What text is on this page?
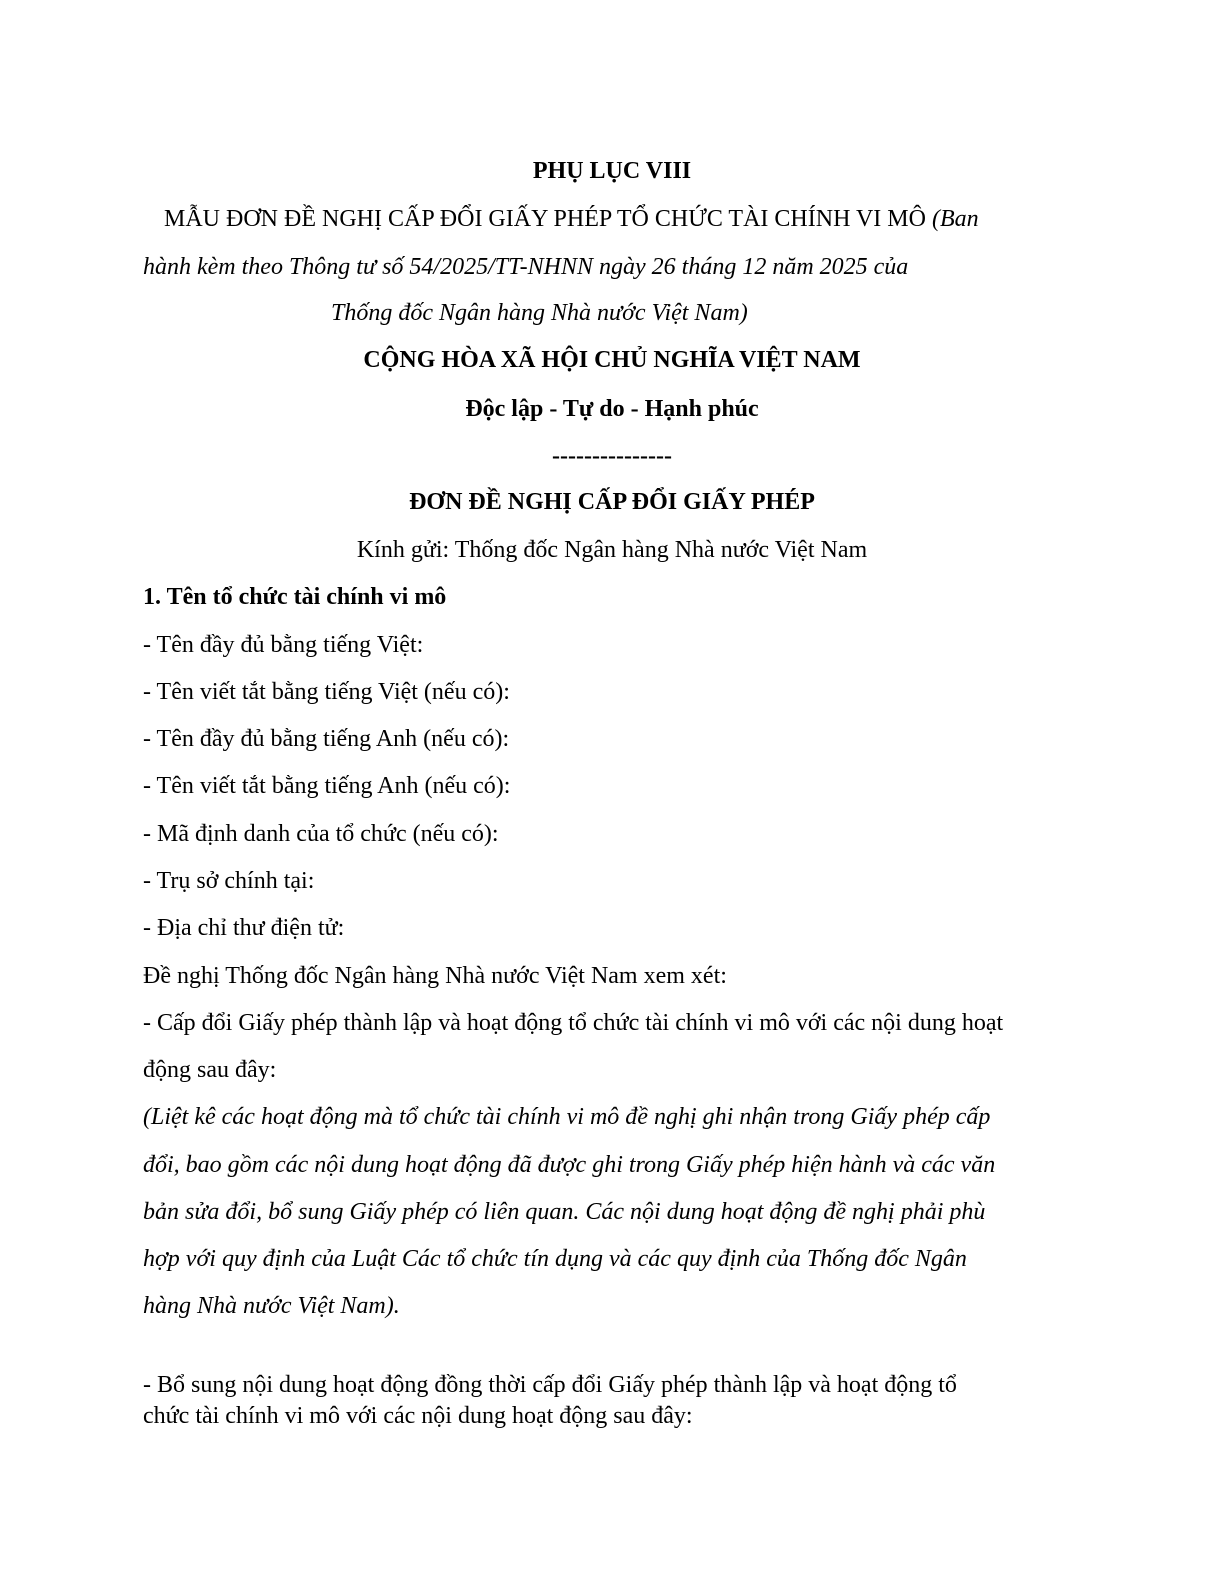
PHỤ LỤC VIII
MẪU ĐƠN ĐỀ NGHỊ CẤP ĐỔI GIẤY PHÉP TỔ CHỨC TÀI CHÍNH VI MÔ (Ban
hành kèm theo Thông tư số 54/2025/TT-NHNN ngày 26 tháng 12 năm 2025 của
Thống đốc Ngân hàng Nhà nước Việt Nam)
CỘNG HÒA XÃ HỘI CHỦ NGHĨA VIỆT NAM
Độc lập - Tự do - Hạnh phúc
---------------
ĐƠN ĐỀ NGHỊ CẤP ĐỔI GIẤY PHÉP
Kính gửi: Thống đốc Ngân hàng Nhà nước Việt Nam
1. Tên tổ chức tài chính vi mô
- Tên đầy đủ bằng tiếng Việt:
- Tên viết tắt bằng tiếng Việt (nếu có):
- Tên đầy đủ bằng tiếng Anh (nếu có):
- Tên viết tắt bằng tiếng Anh (nếu có):
- Mã định danh của tổ chức (nếu có):
- Trụ sở chính tại:
- Địa chỉ thư điện tử:
Đề nghị Thống đốc Ngân hàng Nhà nước Việt Nam xem xét:
- Cấp đổi Giấy phép thành lập và hoạt động tổ chức tài chính vi mô với các nội dung hoạt
động sau đây:
(Liệt kê các hoạt động mà tổ chức tài chính vi mô đề nghị ghi nhận trong Giấy phép cấp
đổi, bao gồm các nội dung hoạt động đã được ghi trong Giấy phép hiện hành và các văn
bản sửa đổi, bổ sung Giấy phép có liên quan. Các nội dung hoạt động đề nghị phải phù
hợp với quy định của Luật Các tổ chức tín dụng và các quy định của Thống đốc Ngân
hàng Nhà nước Việt Nam).
- Bổ sung nội dung hoạt động đồng thời cấp đổi Giấy phép thành lập và hoạt động tổ
chức tài chính vi mô với các nội dung hoạt động sau đây:
